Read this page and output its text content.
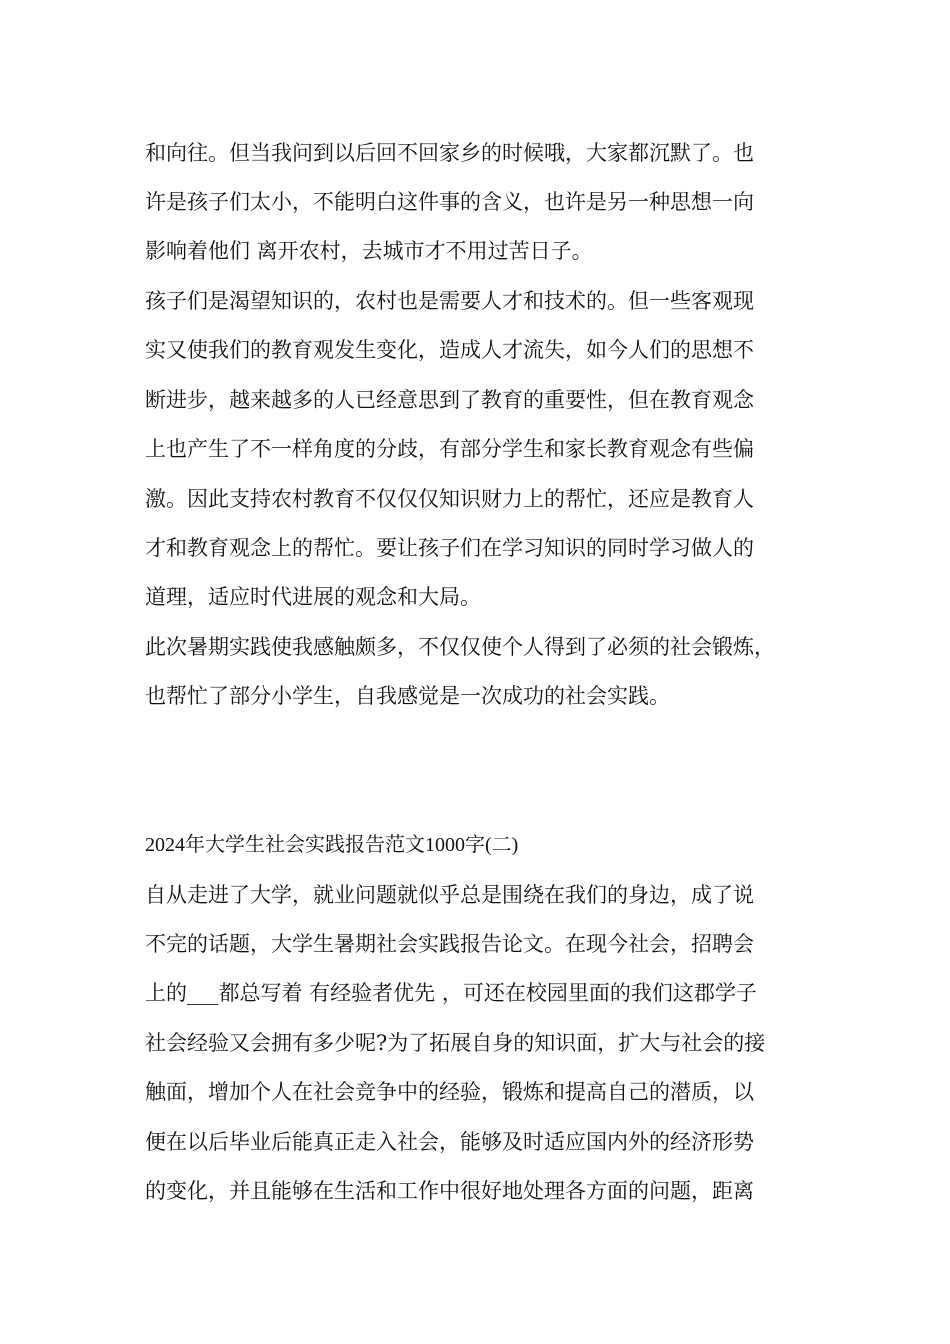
和向往。但当我问到以后回不回家乡的时候哦，大家都沉默了。也
许是孩子们太小，不能明白这件事的含义，也许是另一种思想一向
影响着他们 离开农村，去城市才不用过苦日子。
孩子们是渴望知识的，农村也是需要人才和技术的。但一些客观现
实又使我们的教育观发生变化，造成人才流失，如今人们的思想不
断进步，越来越多的人已经意思到了教育的重要性，但在教育观念
上也产生了不一样角度的分歧，有部分学生和家长教育观念有些偏
激。因此支持农村教育不仅仅仅知识财力上的帮忙，还应是教育人
才和教育观念上的帮忙。要让孩子们在学习知识的同时学习做人的
道理，适应时代进展的观念和大局。
此次暑期实践使我感触颇多，不仅仅使个人得到了必须的社会锻炼，
也帮忙了部分小学生，自我感觉是一次成功的社会实践。
2024年大学生社会实践报告范文1000字(二)
自从走进了大学，就业问题就似乎总是围绕在我们的身边，成了说
不完的话题，大学生暑期社会实践报告论文。在现今社会，招聘会
上的___都总写着 有经验者优先 ，可还在校园里面的我们这郡学子
社会经验又会拥有多少呢?为了拓展自身的知识面，扩大与社会的接
触面，增加个人在社会竞争中的经验，锻炼和提高自己的潜质，以
便在以后毕业后能真正走入社会，能够及时适应国内外的经济形势
的变化，并且能够在生活和工作中很好地处理各方面的问题，距离
